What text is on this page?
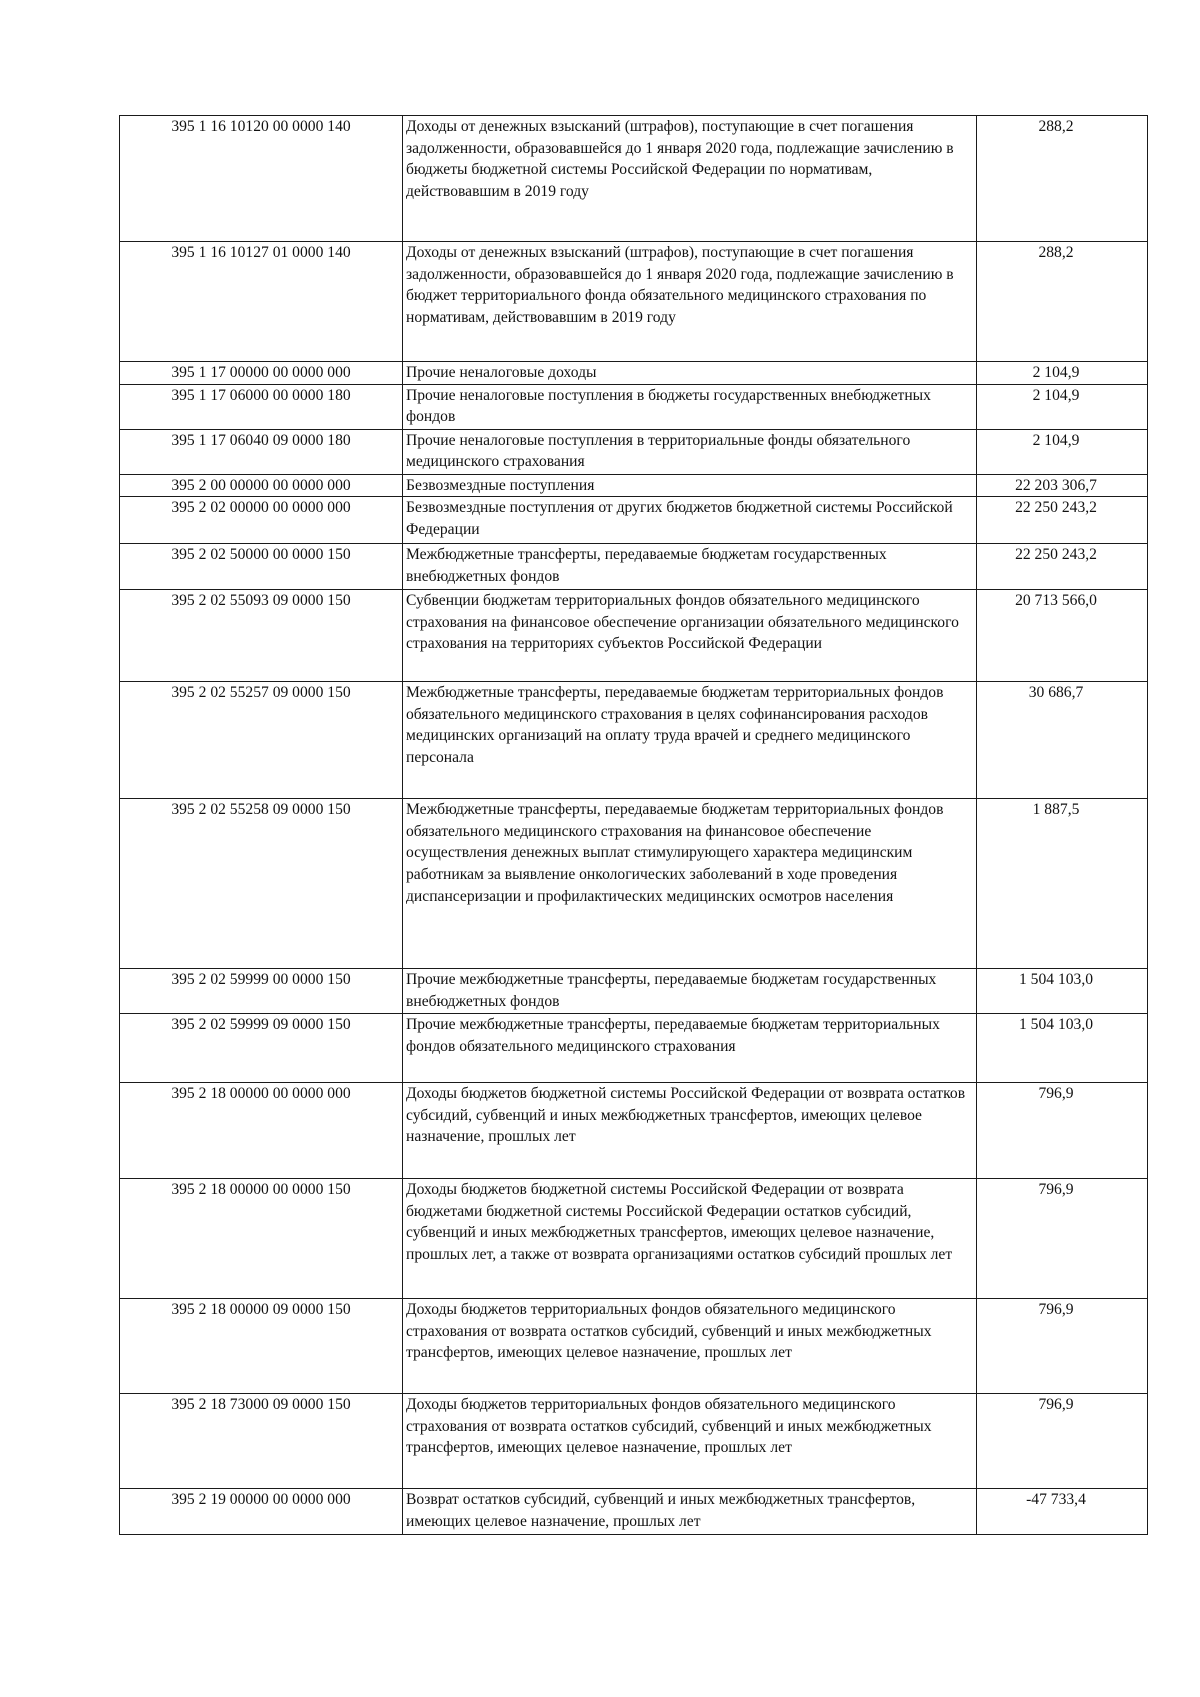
395 1 16 10120 00 0000 140	Доходы от денежных взысканий (штрафов), поступающие в счет погашения задолженности, образовавшейся до 1 января 2020 года, подлежащие зачислению в бюджеты бюджетной системы Российской Федерации по нормативам, действовавшим в 2019 году	288,2
395 1 16 10127 01 0000 140	Доходы от денежных взысканий (штрафов), поступающие в счет погашения задолженности, образовавшейся до 1 января 2020 года, подлежащие зачислению в бюджет территориального фонда обязательного медицинского страхования по нормативам, действовавшим в 2019 году	288,2
395 1 17 00000 00 0000 000	Прочие неналоговые доходы	2 104,9
395 1 17 06000 00 0000 180	Прочие неналоговые поступления в бюджеты государственных внебюджетных фондов	2 104,9
395 1 17 06040 09 0000 180	Прочие неналоговые поступления в территориальные фонды обязательного медицинского страхования	2 104,9
395 2 00 00000 00 0000 000	Безвозмездные поступления	22 203 306,7
395 2 02 00000 00 0000 000	Безвозмездные поступления от других бюджетов бюджетной системы Российской Федерации	22 250 243,2
395 2 02 50000 00 0000 150	Межбюджетные трансферты, передаваемые бюджетам государственных внебюджетных фондов	22 250 243,2
395 2 02 55093 09 0000 150	Субвенции бюджетам территориальных фондов обязательного медицинского страхования на финансовое обеспечение организации обязательного медицинского страхования на территориях субъектов Российской Федерации	20 713 566,0
395 2 02 55257 09 0000 150	Межбюджетные трансферты, передаваемые бюджетам территориальных фондов обязательного медицинского страхования в целях софинансирования расходов медицинских организаций на оплату труда врачей и среднего медицинского персонала	30 686,7
395 2 02 55258 09 0000 150	Межбюджетные трансферты, передаваемые бюджетам территориальных фондов обязательного медицинского страхования на финансовое обеспечение осуществления денежных выплат стимулирующего характера медицинским работникам за выявление онкологических заболеваний в ходе проведения диспансеризации и профилактических медицинских осмотров населения	1 887,5
395 2 02 59999 00 0000 150	Прочие межбюджетные трансферты, передаваемые бюджетам государственных внебюджетных фондов	1 504 103,0
395 2 02 59999 09 0000 150	Прочие межбюджетные трансферты, передаваемые бюджетам территориальных фондов обязательного медицинского страхования	1 504 103,0
395 2 18 00000 00 0000 000	Доходы бюджетов бюджетной системы Российской Федерации от возврата остатков субсидий, субвенций и иных межбюджетных трансфертов, имеющих целевое назначение, прошлых лет	796,9
395 2 18 00000 00 0000 150	Доходы бюджетов бюджетной системы Российской Федерации от возврата бюджетами бюджетной системы Российской Федерации остатков субсидий, субвенций и иных межбюджетных трансфертов, имеющих целевое назначение, прошлых лет, а также от возврата организациями остатков субсидий прошлых лет	796,9
395 2 18 00000 09 0000 150	Доходы бюджетов территориальных фондов обязательного медицинского страхования от возврата остатков субсидий, субвенций и иных межбюджетных трансфертов, имеющих целевое назначение, прошлых лет	796,9
395 2 18 73000 09 0000 150	Доходы бюджетов территориальных фондов обязательного медицинского страхования от возврата остатков субсидий, субвенций и иных межбюджетных трансфертов, имеющих целевое назначение, прошлых лет	796,9
395 2 19 00000 00 0000 000	Возврат остатков субсидий, субвенций и иных межбюджетных трансфертов, имеющих целевое назначение, прошлых лет	-47 733,4
